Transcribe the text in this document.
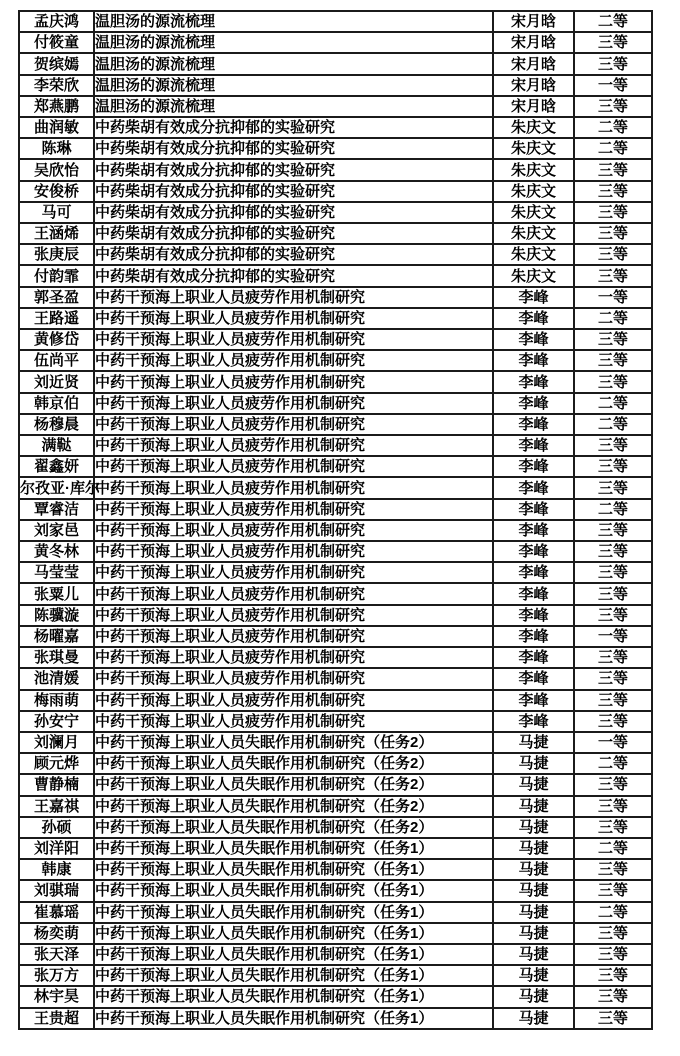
孟庆鸿	温胆汤的源流梳理	宋月晗	二等
付筱童	温胆汤的源流梳理	宋月晗	三等
贺缤嫣	温胆汤的源流梳理	宋月晗	三等
李荣欣	温胆汤的源流梳理	宋月晗	一等
郑燕鹏	温胆汤的源流梳理	宋月晗	三等
曲润敏	中药柴胡有效成分抗抑郁的实验研究	朱庆文	二等
陈琳	中药柴胡有效成分抗抑郁的实验研究	朱庆文	二等
吴欣怡	中药柴胡有效成分抗抑郁的实验研究	朱庆文	三等
安俊桥	中药柴胡有效成分抗抑郁的实验研究	朱庆文	三等
马可	中药柴胡有效成分抗抑郁的实验研究	朱庆文	三等
王涵烯	中药柴胡有效成分抗抑郁的实验研究	朱庆文	三等
张庚辰	中药柴胡有效成分抗抑郁的实验研究	朱庆文	三等
付韵霏	中药柴胡有效成分抗抑郁的实验研究	朱庆文	三等
郭圣盈	中药干预海上职业人员疲劳作用机制研究	李峰	一等
王路遥	中药干预海上职业人员疲劳作用机制研究	李峰	二等
黄修岱	中药干预海上职业人员疲劳作用机制研究	李峰	三等
伍尚平	中药干预海上职业人员疲劳作用机制研究	李峰	三等
刘近贤	中药干预海上职业人员疲劳作用机制研究	李峰	三等
韩京伯	中药干预海上职业人员疲劳作用机制研究	李峰	二等
杨穆晨	中药干预海上职业人员疲劳作用机制研究	李峰	二等
满鞑	中药干预海上职业人员疲劳作用机制研究	李峰	三等
翟鑫妍	中药干预海上职业人员疲劳作用机制研究	李峰	三等
尔孜亚·库尔	中药干预海上职业人员疲劳作用机制研究	李峰	三等
覃睿洁	中药干预海上职业人员疲劳作用机制研究	李峰	二等
刘家邑	中药干预海上职业人员疲劳作用机制研究	李峰	三等
黄冬林	中药干预海上职业人员疲劳作用机制研究	李峰	三等
马莹莹	中药干预海上职业人员疲劳作用机制研究	李峰	三等
张粟儿	中药干预海上职业人员疲劳作用机制研究	李峰	三等
陈骥漩	中药干预海上职业人员疲劳作用机制研究	李峰	三等
杨曜嘉	中药干预海上职业人员疲劳作用机制研究	李峰	一等
张琪曼	中药干预海上职业人员疲劳作用机制研究	李峰	三等
池清媛	中药干预海上职业人员疲劳作用机制研究	李峰	三等
梅雨萌	中药干预海上职业人员疲劳作用机制研究	李峰	三等
孙安宁	中药干预海上职业人员疲劳作用机制研究	李峰	三等
刘澜月	中药干预海上职业人员失眠作用机制研究（任务2）	马捷	一等
顾元烨	中药干预海上职业人员失眠作用机制研究（任务2）	马捷	二等
曹静楠	中药干预海上职业人员失眠作用机制研究（任务2）	马捷	三等
王嘉祺	中药干预海上职业人员失眠作用机制研究（任务2）	马捷	三等
孙硕	中药干预海上职业人员失眠作用机制研究（任务2）	马捷	三等
刘洋阳	中药干预海上职业人员失眠作用机制研究（任务1）	马捷	二等
韩康	中药干预海上职业人员失眠作用机制研究（任务1）	马捷	三等
刘骐瑞	中药干预海上职业人员失眠作用机制研究（任务1）	马捷	三等
崔慕瑶	中药干预海上职业人员失眠作用机制研究（任务1）	马捷	二等
杨奕萌	中药干预海上职业人员失眠作用机制研究（任务1）	马捷	三等
张天泽	中药干预海上职业人员失眠作用机制研究（任务1）	马捷	三等
张万方	中药干预海上职业人员失眠作用机制研究（任务1）	马捷	三等
林宇昊	中药干预海上职业人员失眠作用机制研究（任务1）	马捷	三等
王贵超	中药干预海上职业人员失眠作用机制研究（任务1）	马捷	三等
